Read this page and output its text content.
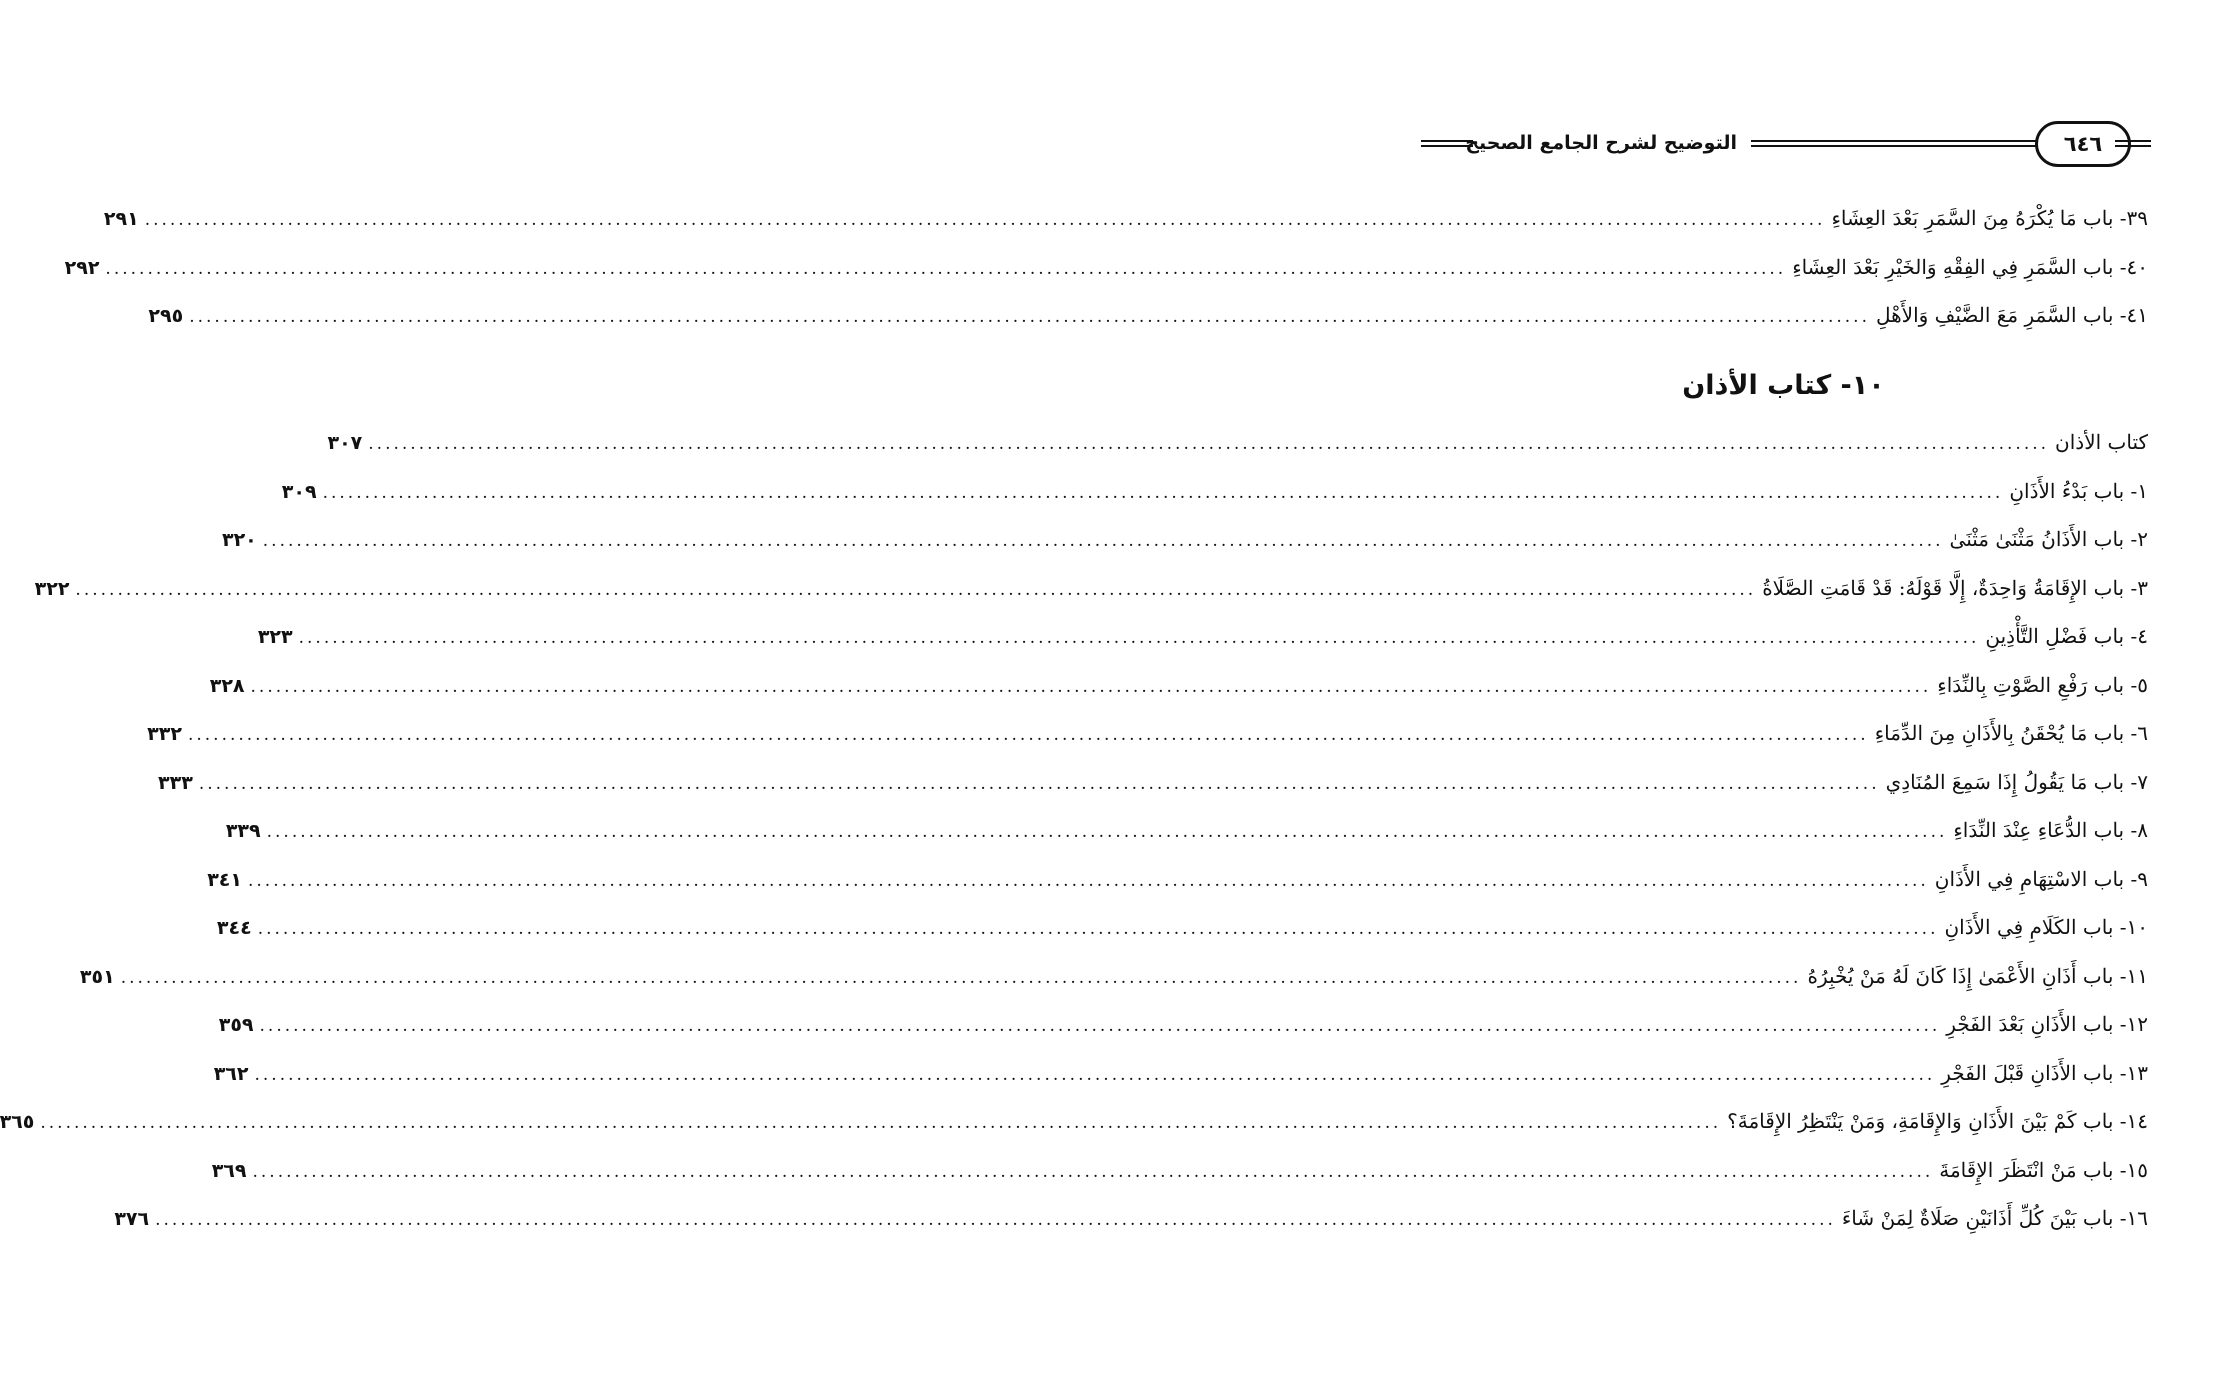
التوضيح لشرح الجامع الصحيح	٦٤٦
٣٩- باب مَا يُكْرَهُ مِنَ السَّمَرِ بَعْدَ العِشَاءِ
........................................................................................................................................................................................................
٢٩١
٤٠- باب السَّمَرِ فِي الفِقْهِ وَالخَيْرِ بَعْدَ العِشَاءِ
........................................................................................................................................................................................................
٢٩٢
٤١- باب السَّمَرِ مَعَ الضَّيْفِ وَالأَهْلِ
........................................................................................................................................................................................................
٢٩٥
١٠- كتاب الأذان
كتاب الأذان
........................................................................................................................................................................................................
٣٠٧
١- باب بَدْءُ الأَذَانِ
........................................................................................................................................................................................................
٣٠٩
٢- باب الأَذَانُ مَثْنَىٰ مَثْنَىٰ
........................................................................................................................................................................................................
٣٢٠
٣- باب الإِقَامَةُ وَاحِدَةٌ، إِلَّا قَوْلَهُ: قَدْ قَامَتِ الصَّلَاةُ
........................................................................................................................................................................................................
٣٢٢
٤- باب فَضْلِ التَّأْذِينِ
........................................................................................................................................................................................................
٣٢٣
٥- باب رَفْعِ الصَّوْتِ بِالنِّدَاءِ
........................................................................................................................................................................................................
٣٢٨
٦- باب مَا يُحْقَنُ بِالأَذَانِ مِنَ الدِّمَاءِ
........................................................................................................................................................................................................
٣٣٢
٧- باب مَا يَقُولُ إِذَا سَمِعَ المُنَادِي
........................................................................................................................................................................................................
٣٣٣
٨- باب الدُّعَاءِ عِنْدَ النِّدَاءِ
........................................................................................................................................................................................................
٣٣٩
٩- باب الاسْتِهَامِ فِي الأَذَانِ
........................................................................................................................................................................................................
٣٤١
١٠- باب الكَلَامِ فِي الأَذَانِ
........................................................................................................................................................................................................
٣٤٤
١١- باب أَذَانِ الأَعْمَىٰ إِذَا كَانَ لَهُ مَنْ يُخْبِرُهُ
........................................................................................................................................................................................................
٣٥١
١٢- باب الأَذَانِ بَعْدَ الفَجْرِ
........................................................................................................................................................................................................
٣٥٩
١٣- باب الأَذَانِ قَبْلَ الفَجْرِ
........................................................................................................................................................................................................
٣٦٢
١٤- باب كَمْ بَيْنَ الأَذَانِ وَالإِقَامَةِ، وَمَنْ يَنْتَظِرُ الإِقَامَةَ؟
........................................................................................................................................................................................................
٣٦٥
١٥- باب مَنْ انْتَظَرَ الإِقَامَةَ
........................................................................................................................................................................................................
٣٦٩
١٦- باب بَيْنَ كُلِّ أَذَانَيْنِ صَلَاةٌ لِمَنْ شَاءَ
........................................................................................................................................................................................................
٣٧٦
